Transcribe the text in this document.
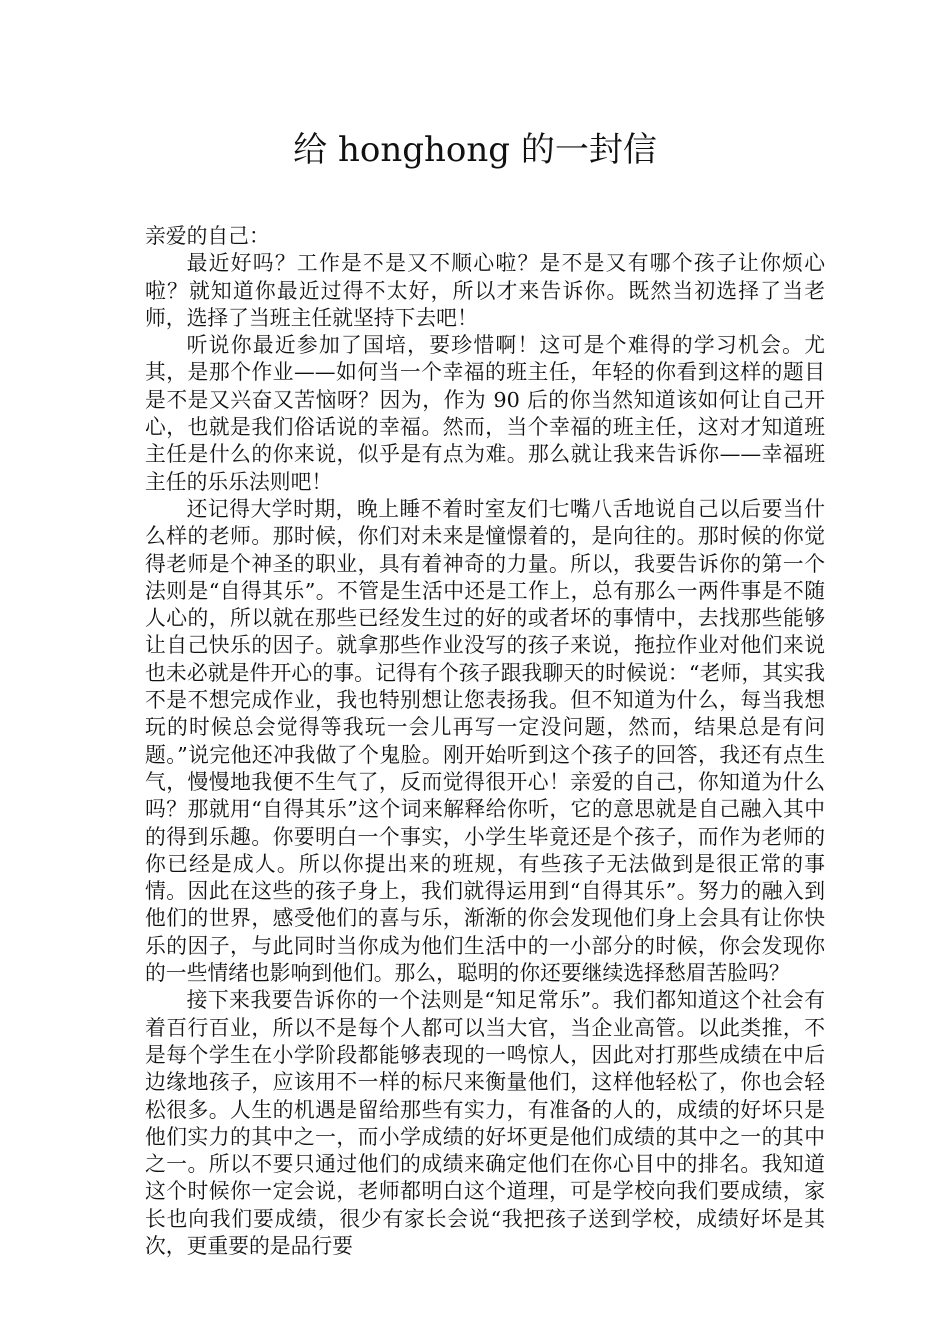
给 honghong 的一封信

亲爱的自己：

最近好吗？工作是不是又不顺心啦？是不是又有哪个孩子让你烦心啦？就知道你最近过得不太好，所以才来告诉你。既然当初选择了当老师，选择了当班主任就坚持下去吧！

听说你最近参加了国培，要珍惜啊！这可是个难得的学习机会。尤其，是那个作业——如何当一个幸福的班主任，年轻的你看到这样的题目是不是又兴奋又苦恼呀？因为，作为 90 后的你当然知道该如何让自己开心，也就是我们俗话说的幸福。然而，当个幸福的班主任，这对才知道班主任是什么的你来说，似乎是有点为难。那么就让我来告诉你——幸福班主任的乐乐法则吧！

还记得大学时期，晚上睡不着时室友们七嘴八舌地说自己以后要当什么样的老师。那时候，你们对未来是憧憬着的，是向往的。那时候的你觉得老师是个神圣的职业，具有着神奇的力量。所以，我要告诉你的第一个法则是“自得其乐”。不管是生活中还是工作上，总有那么一两件事是不随人心的，所以就在那些已经发生过的好的或者坏的事情中，去找那些能够让自己快乐的因子。就拿那些作业没写的孩子来说，拖拉作业对他们来说也未必就是件开心的事。记得有个孩子跟我聊天的时候说：“老师，其实我不是不想完成作业，我也特别想让您表扬我。但不知道为什么，每当我想玩的时候总会觉得等我玩一会儿再写一定没问题，然而，结果总是有问题。”说完他还冲我做了个鬼脸。刚开始听到这个孩子的回答，我还有点生气，慢慢地我便不生气了，反而觉得很开心！亲爱的自己，你知道为什么吗？那就用“自得其乐”这个词来解释给你听，它的意思就是自己融入其中的得到乐趣。你要明白一个事实，小学生毕竟还是个孩子，而作为老师的你已经是成人。所以你提出来的班规，有些孩子无法做到是很正常的事情。因此在这些的孩子身上，我们就得运用到“自得其乐”。努力的融入到他们的世界，感受他们的喜与乐，渐渐的你会发现他们身上会具有让你快乐的因子，与此同时当你成为他们生活中的一小部分的时候，你会发现你的一些情绪也影响到他们。那么，聪明的你还要继续选择愁眉苦脸吗？

接下来我要告诉你的一个法则是“知足常乐”。我们都知道这个社会有着百行百业，所以不是每个人都可以当大官，当企业高管。以此类推，不是每个学生在小学阶段都能够表现的一鸣惊人，因此对打那些成绩在中后边缘地孩子，应该用不一样的标尺来衡量他们，这样他轻松了，你也会轻松很多。人生的机遇是留给那些有实力，有准备的人的，成绩的好坏只是他们实力的其中之一，而小学成绩的好坏更是他们成绩的其中之一的其中之一。所以不要只通过他们的成绩来确定他们在你心目中的排名。我知道这个时候你一定会说，老师都明白这个道理，可是学校向我们要成绩，家长也向我们要成绩，很少有家长会说“我把孩子送到学校，成绩好坏是其次，更重要的是品行要
